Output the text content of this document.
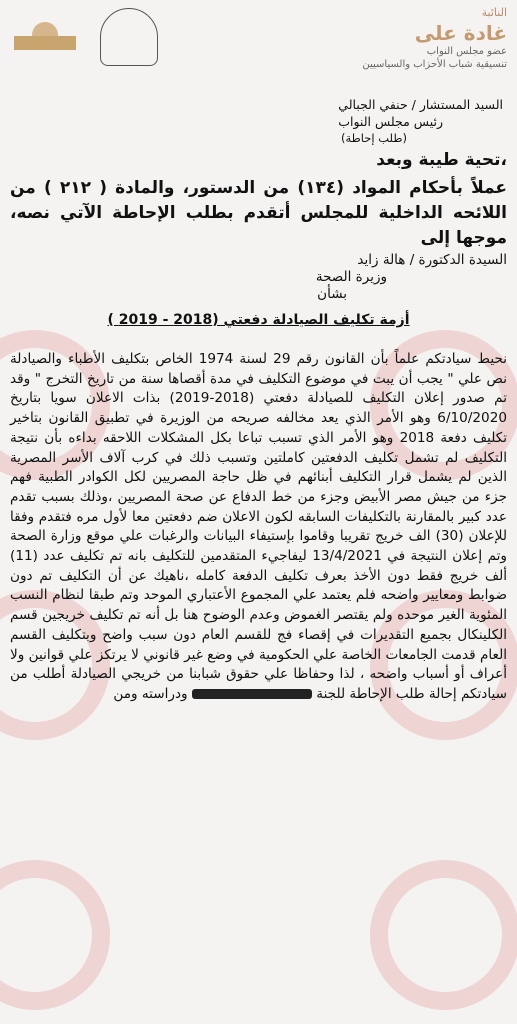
النائبة
غادة على
عضو مجلس النواب
تنسيقية شباب الأحزاب والسياسيين
السيد المستشار / حنفي الجبالي
رئيس مجلس النواب
(طلب إحاطة)
،تحية طيبة وبعد
عملاً بأحكام المواد (١٣٤) من الدستور، والمادة ( ٢١٢ ) من اللائحه الداخلية للمجلس أتقدم بطلب الإحاطة الآتي نصه، موجها إلى
السيدة الدكتورة / هالة زايد
وزيرة الصحة
بشأن
أزمة تكليف الصيادلة دفعتي (2018 - 2019 )

نحيط سيادتكم علماً بأن القانون رقم 29 لسنة 1974 الخاص بتكليف الأطباء والصيادلة نص علي " يجب أن يبت في موضوع التكليف في مدة أقصاها سنة من تاريخ التخرج " وقد تم صدور إعلان التكليف للصيادلة دفعتي (2018-2019) بذات الاعلان سويا بتاريخ 6/10/2020 وهو الأمر الذي يعد مخالفه صريحه من الوزيرة في تطبيق القانون بتاخير تكليف دفعة 2018 وهو الأمر الذي تسبب تباعا بكل المشكلات اللاحقه بداءه بأن نتيجة التكليف لم تشمل تكليف الدفعتين كاملتين وتسبب ذلك في كرب آلاف الأسر المصرية الذين لم يشمل قرار التكليف أبنائهم في ظل حاجة المصريين لكل الكوادر الطبية فهم جزء من جيش مصر الأبيض وجزء من خط الدفاع عن صحة المصريين ،وذلك بسبب تقدم عدد كبير بالمقارنة بالتكليفات السابقه لكون الاعلان ضم دفعتين معا لأول مره فتقدم وفقا للإعلان (30) الف خريج تقريبا وقاموا بإستيفاء البيانات والرغبات علي موقع وزارة الصحة وتم إعلان النتيجة في 13/4/2021 ليفاجيء المتقدمين للتكليف بانه تم تكليف عدد (11) ألف خريج فقط دون الأخذ بعرف تكليف الدفعة كامله ،ناهيك عن أن التكليف تم دون ضوابط ومعايير واضحه فلم يعتمد علي المجموع الأعتباري الموحد وتم طبقا لنظام النسب المئوية الغير موحده ولم يقتصر الغموض وعدم الوضوح هنا بل أنه تم تكليف خريجين قسم الكلينكال بجميع التقديرات في إقصاء فج للقسم العام دون سبب واضح وبتكليف القسم العام قدمت الجامعات الخاصة علي الحكومية في وضع غير قانوني لا يرتكز علي قوانين ولا أعراف أو أسباب واضحه ، لذا وحفاظا علي حقوق شبابنا من خريجي الصيادلة أطلب من سيادتكم إحالة طلب الإحاطة للجنة  ودراسته ومن
